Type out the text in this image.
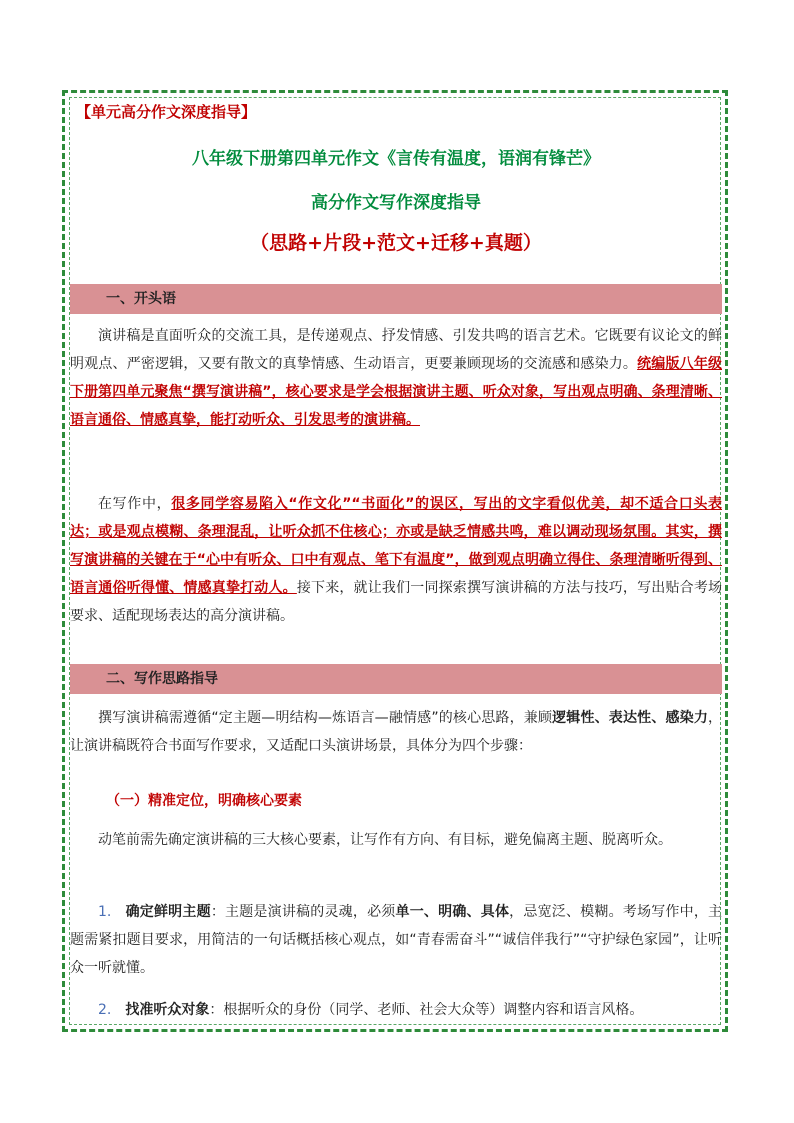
【单元高分作文深度指导】
八年级下册第四单元作文《言传有温度，语润有锋芒》
高分作文写作深度指导
（思路+片段+范文+迁移+真题）
一、开头语
演讲稿是直面听众的交流工具，是传递观点、抒发情感、引发共鸣的语言艺术。它既要有议论文的鲜明观点、严密逻辑，又要有散文的真挚情感、生动语言，更要兼顾现场的交流感和感染力。统编版八年级下册第四单元聚焦“撰写演讲稿”，核心要求是学会根据演讲主题、听众对象，写出观点明确、条理清晰、语言通俗、情感真挚，能打动听众、引发思考的演讲稿。
在写作中，很多同学容易陷入“作文化”“书面化”的误区，写出的文字看似优美，却不适合口头表达；或是观点模糊、条理混乱，让听众抓不住核心；亦或是缺乏情感共鸣，难以调动现场氛围。其实，撰写演讲稿的关键在于“心中有听众、口中有观点、笔下有温度”，做到观点明确立得住、条理清晰听得到、语言通俗听得懂、情感真挚打动人。接下来，就让我们一同探索撰写演讲稿的方法与技巧，写出贴合考场要求、适配现场表达的高分演讲稿。
二、写作思路指导
撰写演讲稿需遵循“定主题—明结构—炼语言—融情感”的核心思路，兼顾逻辑性、表达性、感染力，让演讲稿既符合书面写作要求，又适配口头演讲场景，具体分为四个步骤：
（一）精准定位，明确核心要素
动笔前需先确定演讲稿的三大核心要素，让写作有方向、有目标，避免偏离主题、脱离听众。
1. 确定鲜明主题：主题是演讲稿的灵魂，必须单一、明确、具体，忌宽泛、模糊。考场写作中，主题需紧扣题目要求，用简洁的一句话概括核心观点，如“青春需奋斗”“诚信伴我行”“守护绿色家园”，让听众一听就懂。
2. 找准听众对象：根据听众的身份（同学、老师、社会大众等）调整内容和语言风格。
